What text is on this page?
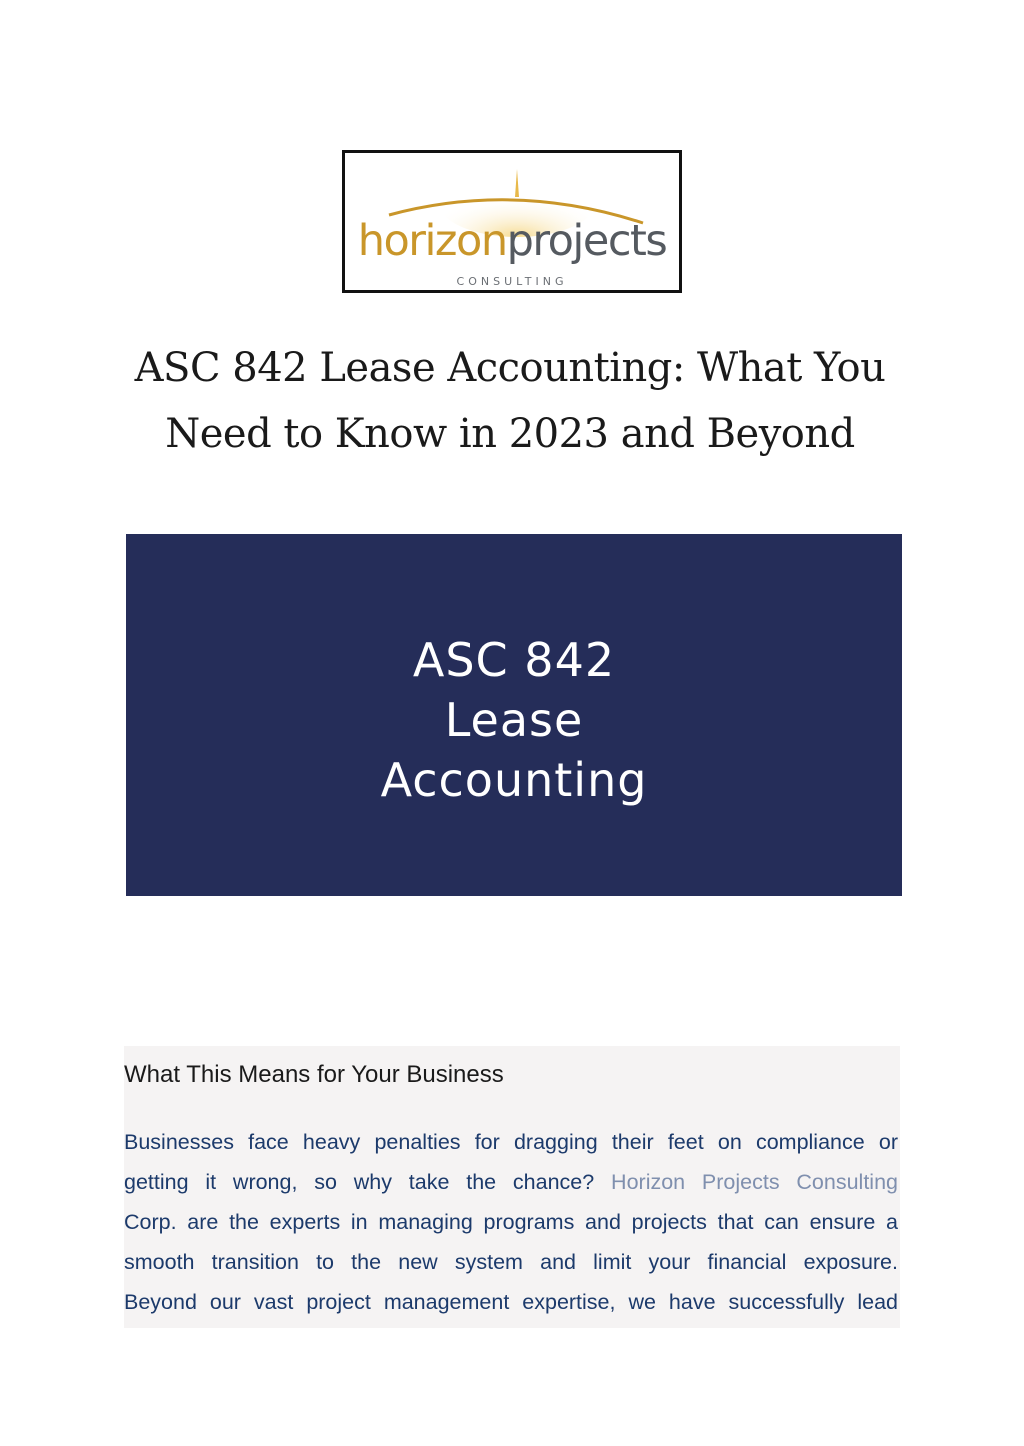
horizonprojects
CONSULTING
ASC 842 Lease Accounting: What You
Need to Know in 2023 and Beyond
ASC 842
Lease
Accounting
What This Means for Your Business
Businesses face heavy penalties for dragging their feet on compliance or
getting it wrong, so why take the chance? Horizon Projects Consulting
Corp. are the experts in managing programs and projects that can ensure a
smooth transition to the new system and limit your financial exposure.
Beyond our vast project management expertise, we have successfully lead
